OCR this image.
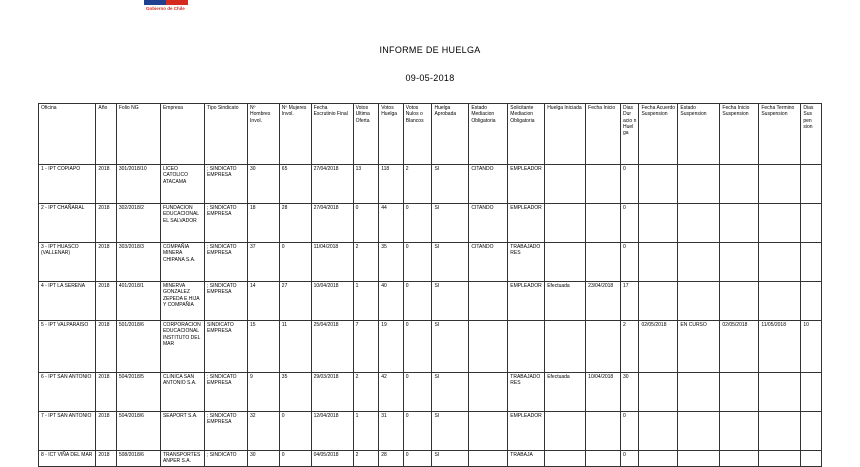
Gobierno de Chile
INFORME DE HUELGA
09-05-2018
Oficina	Año	Folio NG	Empresa	Tipo Sindicato	Nº Hombres Invol.	Nº Mujeres Invol.	Fecha Escrutinio Final	Votos Ultima Oferta	Votos Huelga	Votos Nulos o Blancos	Huelga Aprobada	Estado Mediacion Obligatoria	Solicitante Mediacion Obligatoria	Huelga Iniciada	Fecha Inicio	Dias Dur acio n Huel ga	Fecha Acuerdo Suspension	Estado Suspension	Fecha Inicio Suspension	Fecha Termino Suspension	Dias Sus pen sion
1 - IPT COPIAPO	2018	301/2018/10	LICEO CATOLICO ATACAMA	; SINDICATO EMPRESA	30	65	27/04/2018	13	118	2	SI	CITANDO	EMPLEADOR			0					
2 - IPT CHAÑARAL	2018	302/2018/2	FUNDACION EDUCACIONAL EL SALVADOR	; SINDICATO EMPRESA	18	28	27/04/2018	0	44	0	SI	CITANDO	EMPLEADOR			0					
3 - IPT HUASCO (VALLENAR)	2018	303/2018/3	COMPAÑIA MINERA CHIPANA S.A.	; SINDICATO EMPRESA	37	0	11/04/2018	2	35	0	SI	CITANDO	TRABAJADORES			0					
4 - IPT LA SERENA	2018	401/2018/1	MINERVA GONZALEZ ZEPEDA E HIJA Y COMPAÑIA	; SINDICATO EMPRESA	14	27	10/04/2018	1	40	0	SI		EMPLEADOR	Efectuada	23/04/2018	17					
5 - IPT VALPARAISO	2018	501/2018/6	CORPORACION EDUCACIONAL INSTITUTO DEL MAR	SINDICATO EMPRESA	15	11	25/04/2018	7	19	0	SI					2	02/05/2018	EN CURSO	02/05/2018	11/05/2018	10
6 - IPT SAN ANTONIO	2018	504/2018/5	CLINICA SAN ANTONIO S.A.	; SINDICATO EMPRESA	9	35	29/03/2018	2	42	0	SI		TRABAJADORES	Efectuada	10/04/2018	30					
7 - IPT SAN ANTONIO	2018	504/2018/6	SEAPORT S.A.	; SINDICATO EMPRESA	32	0	12/04/2018	1	31	0	SI		EMPLEADOR			0					
8 - ICT VIÑA DEL MAR	2018	508/2018/6	TRANSPORTES ANPER S.A.	; SINDICATO	30	0	04/05/2018	2	28	0	SI		TRABAJA			0					
